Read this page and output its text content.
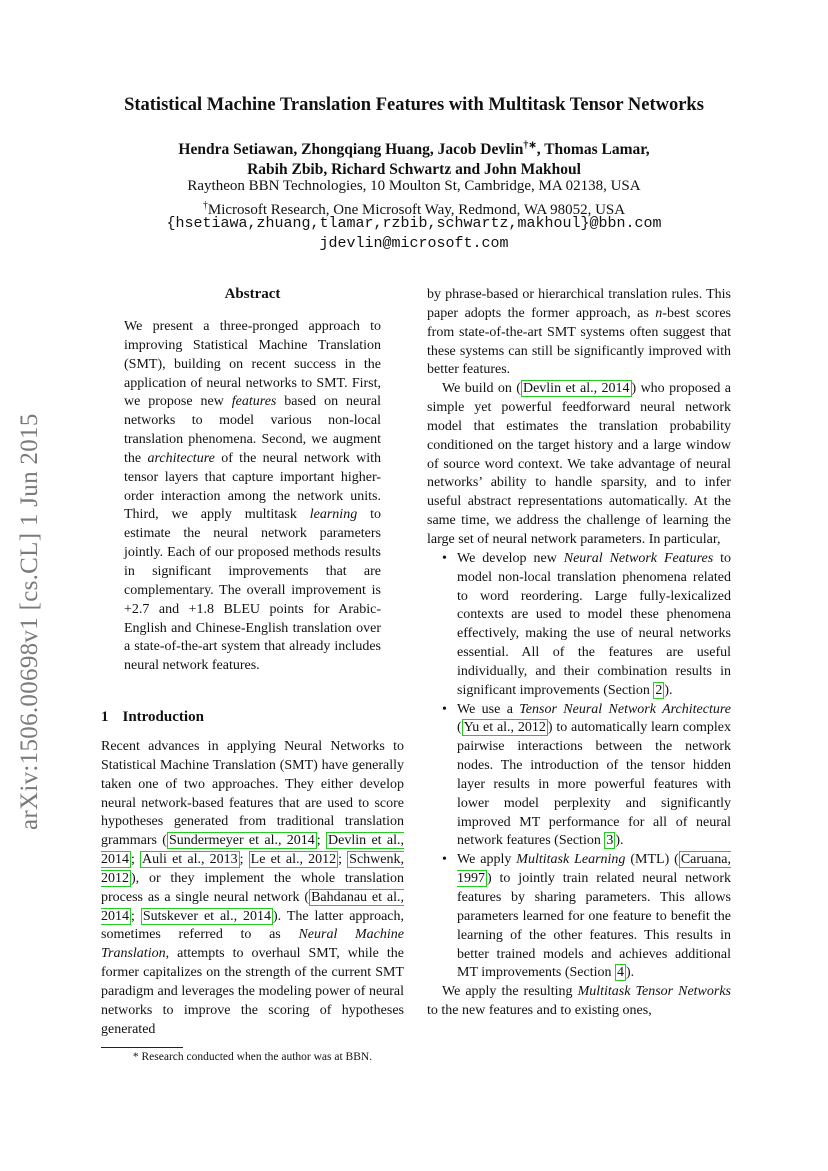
arXiv:1506.00698v1 [cs.CL] 1 Jun 2015
Statistical Machine Translation Features with Multitask Tensor Networks
Hendra Setiawan, Zhongqiang Huang, Jacob Devlin†∗, Thomas Lamar,
Rabih Zbib, Richard Schwartz and John Makhoul
Raytheon BBN Technologies, 10 Moulton St, Cambridge, MA 02138, USA
†Microsoft Research, One Microsoft Way, Redmond, WA 98052, USA
{hsetiawa,zhuang,tlamar,rzbib,schwartz,makhoul}@bbn.com
jdevlin@microsoft.com
Abstract

We present a three-pronged approach to improving Statistical Machine Translation (SMT), building on recent success in the application of neural networks to SMT. First, we propose new features based on neural networks to model various non-local translation phenomena. Second, we augment the architecture of the neural network with tensor layers that capture important higher-order interaction among the network units. Third, we apply multitask learning to estimate the neural network parameters jointly. Each of our proposed methods results in significant improvements that are complementary. The overall improvement is +2.7 and +1.8 BLEU points for Arabic-English and Chinese-English translation over a state-of-the-art system that already includes neural network features.

1 Introduction

Recent advances in applying Neural Networks to Statistical Machine Translation (SMT) have generally taken one of two approaches. They either develop neural network-based features that are used to score hypotheses generated from traditional translation grammars ( Sundermeyer et al., 2014 ; Devlin et al., 2014 ; Auli et al., 2013 ; Le et al., 2012 ; Schwenk, 2012 ), or they implement the whole translation process as a single neural network ( Bahdanau et al., 2014 ; Sutskever et al., 2014 ). The latter approach, sometimes referred to as Neural Machine Translation, attempts to overhaul SMT, while the former capitalizes on the strength of the current SMT paradigm and leverages the modeling power of neural networks to improve the scoring of hypotheses generated

* Research conducted when the author was at BBN.

by phrase-based or hierarchical translation rules. This paper adopts the former approach, as n-best scores from state-of-the-art SMT systems often suggest that these systems can still be significantly improved with better features.

We build on ( Devlin et al., 2014 ) who proposed a simple yet powerful feedforward neural network model that estimates the translation probability conditioned on the target history and a large window of source word context. We take advantage of neural networks’ ability to handle sparsity, and to infer useful abstract representations automatically. At the same time, we address the challenge of learning the large set of neural network parameters. In particular,

• We develop new Neural Network Features to model non-local translation phenomena related to word reordering. Large fully-lexicalized contexts are used to model these phenomena effectively, making the use of neural networks essential. All of the features are useful individually, and their combination results in significant improvements (Section 2 ).
• We use a Tensor Neural Network Architecture ( Yu et al., 2012 ) to automatically learn complex pairwise interactions between the network nodes. The introduction of the tensor hidden layer results in more powerful features with lower model perplexity and significantly improved MT performance for all of neural network features (Section 3 ).
• We apply Multitask Learning (MTL) ( Caruana, 1997 ) to jointly train related neural network features by sharing parameters. This allows parameters learned for one feature to benefit the learning of the other features. This results in better trained models and achieves additional MT improvements (Section 4 ).

We apply the resulting Multitask Tensor Networks to the new features and to existing ones,
